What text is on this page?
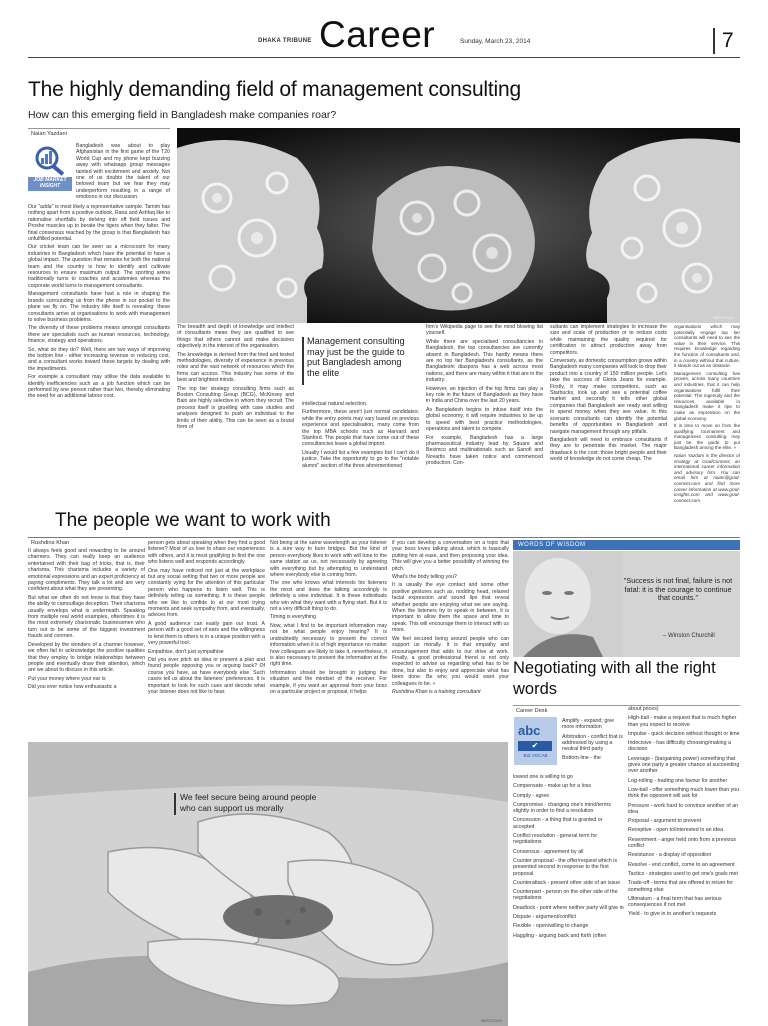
DHAKA TRIBUNE Career	Sunday, March 23, 2014	7
The highly demanding field of management consulting
How can this emerging field in Bangladesh make companies roar?
Naian Yazdani
JOB MARKET INSIGHT
Bangladesh was about to play Afghanistan in the first game of the T20 World Cup and my phone kept buzzing away with whatsapp group messages tainted with excitement and anxiety. Not one of us doubts the talent of our beloved team but we fear they may underperform resulting in a range of emotions in our discussion.

Our "adda" is most likely a representative sample. Tamim has nothing apart from a positive outlook, Rana and Ashfaq like to rationalise shortfalls by delving into off field issues and Proshe muscles up to berate the tigers when they falter. The final consensus reached by the group is that Bangladesh has unfulfilled potential.

Our cricket team can be seen as a microcosm for many industries in Bangladesh which have the potential to have a global impact. The question that remains for both the national team and the country is how to identify and cultivate resources to ensure maximum output. The sporting arena traditionally turns to coaches and academies whereas the corporate world turns to management consultants.

Management consultants have had a role in shaping the brands surrounding us from the phone in our pocket to the plane we fly on. The industry title itself is revealing: these consultants arrive at organisations to work with management to solve business problems.

The diversity of these problems means amongst consultants there are specialists such as human resources, technology, finance, strategy and operations.

So, what do they do? Well, there are two ways of improving the bottom line - either increasing revenue or reducing cost, and a consultant works toward these targets by dealing with the impediments.

For example a consultant may utilise the data available to identify inefficiencies such as a job function which can be performed by one person rather than two, thereby eliminating the need for an additional labour cost.

BIGSTOCK
Management consulting may just be the guide to put Bangladesh among the elite

The breadth and depth of knowledge and intellect of consultants mean they are qualified to see things that others cannot and make decisions objectively in the interest of the organisation.

The knowledge is derived from the tried and tested methodologies, diversity of experience in previous roles and the vast network of resources which the firms can access. This industry has some of the best and brightest minds.

The top tier strategy consulting firms such as Boston Consulting Group (BCG), McKinsey and Bain are highly selective in whom they recruit. The process itself is gruelling with case studies and analyses designed to push an individual to the limits of their ability. This can be seen as a brutal form of

intellectual natural selection.

Furthermore, these aren't just normal candidates; while the entry points may vary based on previous experience and specialisation, many come from the top MBA schools such as Harvard and Stanford. The people that have come out of these consultancies leave a global imprint.

Usually I would list a few examples but I can't do it justice. Take the opportunity to go to the "notable alumni" section of the three aforementioned

firm's Wikipedia page to see the mind blowing list yourself.

While there are specialised consultancies in Bangladesh, the top consultancies are currently absent in Bangladesh. This hardly means there are no top tier Bangladeshi consultants, as the Bangladeshi diaspora has a web across most nations, and there are many within it that are in the industry.

However, an injection of the top firms can play a key role in the future of Bangladesh as they have in India and China over the last 20 years.

As Bangladesh begins to infuse itself into the global economy, it will require industries to be up to speed with best practice methodologies, operations and talent to compete.

For example, Bangladesh has a large pharmaceutical industry lead by Square and Beximco and multinationals such as Sanofi and Novartis have taken notice and commenced production. Con-

sultants can implement strategies to increase the size and scale of production or to reduce costs while maintaining the quality required for certification to attract production away from competitors.

Conversely, as domestic consumption grows within Bangladesh many companies will look to drop their product into a country of 150 million people. Let's take the success of Gloria Jeans for example. Firstly, it may make competitors, such as Starbucks, look up and see a potential coffee market and secondly it tells other global companies that Bangladesh are ready and willing to spend money when they see value. In this scenario consultants can identify the potential benefits of opportunities in Bangladesh and navigate management through any pitfalls.

Bangladesh will need to embrace consultants if they are to penetrate this market. The major drawback is the cost; those bright people and their world of knowledge do not come cheap. The

organisations which may potentially engage top tier consultants will need to see the value in their service. This requires knowledge regarding the function of consultants and, in a country without that culture, it stands out as an obstacle.

Management consulting has proven, across many countries and industries, that it can help organisations fulfil their potential. The ingenuity and the resources available in Bangladesh make it ripe to make an impression on the global economy.

It is time to move on from the qualifying tournament and management consulting may just be the guide to put Bangladesh among the elite. »

Naian Yazdani is the director of strategy at GradConnect, an international career information and advisory firm. You can email him at naian@grad-connect.com and find more career information at www.grad-insights.com and www.grad-connect.com

The people we want to work with
Rushdina Khan

It always feels good and rewarding to be around charmers. They can really keep an audience entertained with their bag of tricks, that is, their charisma. This charisma includes a variety of emotional expressions and an expert proficiency at paying compliments. They talk a lot and are very confident about what they are presenting.

But what we often do not know is that they have the ability to camouflage deception. Their charisma usually envelops what is underneath. Speaking from multiple real world examples, oftentimes it is the most extremely charismatic businessmen who turn out to be some of the biggest investment frauds and conmen.

Developed by the wonders of a charmer however, we often fail to acknowledge the positive qualities that they employ to bridge relationships between people and eventually draw their attention, which are we about to discuss in this article.

Put your money where your ear is

Did you ever notice how enthusiastic a

person gets about speaking when they find a good listener? Most of us love to share our experiences with others, and it is most gratifying to find the one who listens well and responds accordingly.

One may have noticed not just at the workplace but any social setting that two or more people are constantly vying for the attention of this particular person who happens to listen well. This is definitely telling us something. It is these people who we like to confide to at our most trying moments and seek sympathy from, and eventually, advices from.

A good audience can easily gain our trust. A person with a good set of ears and the willingness to lend them to others is in a unique position with a very powerful tool.

Empathise, don't just sympathise

Did you ever pitch an idea or present a plan and found people opposing you or arguing back? Of course you have, as have everybody else. Such cases tell us about the listeners' preferences. It is important to look for such cues and decode what your listener does not like to hear.

Not being at the same wavelength as your listener is a sure way to burn bridges. But the kind of person everybody likes to work with will tune to the same station as us, not necessarily by agreeing with everything but by attempting to understand where everybody else is coming from.

The one who knows what interests his listeners the most and does the talking accordingly is definitely a wise individual. It is these individuals who win what they want with a flying start. But it is not a very difficult thing to do.

Timing is everything

Now, what I find to be important information may not be what people enjoy hearing? It is undoubtedly necessary to present the correct information when it is of high importance no matter how colleagues are likely to take it, nevertheless, it is also necessary to present the information at the right time.

Information should be brought in judging the situation and the mindset of the receiver. For example, if you want an approval from your boss on a particular project or proposal, it helps

if you can develop a conversation on a topic that your boss loves talking about, which is basically putting him at ease, and then proposing your idea. This will give you a better possibility of winning the pitch.

What's the body telling you?

It is usually the eye contact and some other positive gestures such as, nodding head, relaxed facial expression and sound lips that reveal whether people are enjoying what we are saying. When the listeners try to speak in between, it is important to allow them the space and time to speak. This will encourage them to interact with us more.

We feel secured being around people who can support us morally. It is that empathy and encouragement that adds to our drive at work. Finally, a good professional friend is not only expected to advise us regarding what has to be done, but also to enjoy and appreciate what has been done. Be who you would want your colleagues to be. »

Rushdina Khan is a training consultant

BIGSTOCK
We feel secure being around people who can support us morally
WORDS OF WISDOM
"Success is not final, failure is not fatal: it is the courage to continue that counts."
– Winston Churchill
Negotiating with all the right words
Career Desk
abc
✔
BIZ VOCAB

Amplify - expand; give more information

Arbitration - conflict that is addressed by using a neutral third party

Bottom-line - the

lowest one is willing to go

Compensate - make up for a loss

Comply - agree

Compromise - changing one's mind/terms slightly in order to find a resolution

Concession - a thing that is granted or accepted

Conflict resolution - general term for negotiations

Consensus - agreement by all

Counter proposal - the offer/request which is presented second in response to the first proposal

Counterattack - present other side of an issue

Counterpart - person on the other side of the negotiations

Deadlock - point where neither party will give in

Dispute - argument/conflict

Flexible - open/willing to change

Haggling - arguing back and forth (often

about prices)

High-ball - make a request that is much higher than you expect to receive

Impulse - quick decision without thought or time

Indecisive - has difficulty choosing/making a decision

Leverage - (bargaining power) something that gives one party a greater chance at succeeding over another

Log-rolling - trading one favour for another

Low-ball - offer something much lower than you think the opponent will ask for

Pressure - work hard to convince another of an idea

Proposal - argument to prevent

Receptive - open to/interested in an idea

Resentment - anger held onto from a previous conflict

Resistance - a display of opposition

Resolve - end conflict, come to an agreement

Tactics - strategies used to get one's goals met

Trade-off - terms that are offered in return for something else

Ultimatum - a final term that has serious consequences if not met

Yield - to give in to another's requests
